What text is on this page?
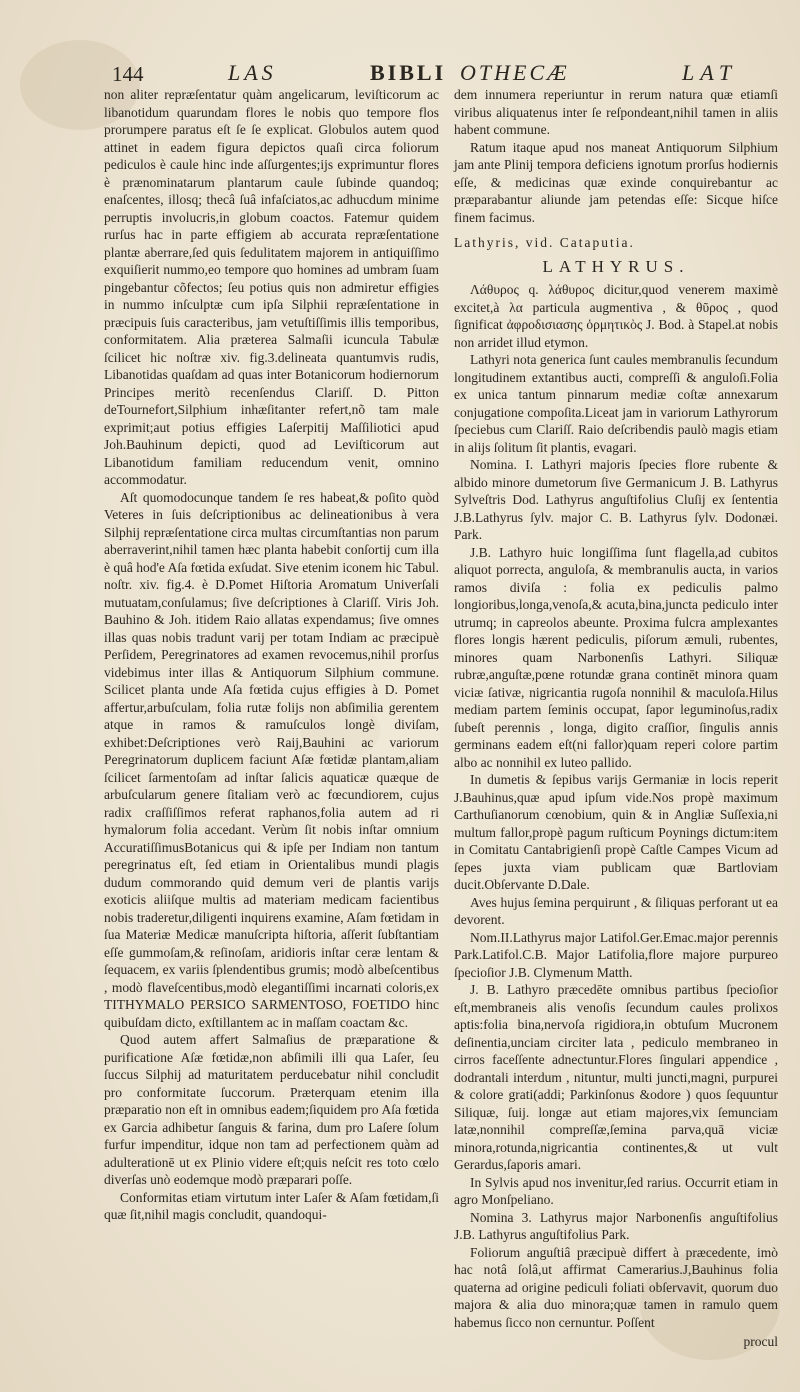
144	LAS	BIBLI OTHECÆ	LAT

non aliter repræſentatur quàm angelicarum, leviſticorum ac libanotidum quarundam flores le nobis quo tempore flos prorumpere paratus eſt ſe ſe explicat. Globulos autem quod attinet in eadem figura depictos quaſi circa foliorum pediculos è caule hinc inde aſſurgentes;ijs exprimuntur flores è prænominatarum plantarum caule ſubinde quandoq; enaſcentes, illosq; thecâ ſuâ infaſciatos,ac adhucdum minime perruptis involucris,in globum coactos. Fatemur quidem rurſus hac in parte effigiem ab accurata repræſentatione plantæ aberrare,ſed quis ſedulitatem majorem in antiquiſſimo exquiſierit nummo,eo tempore quo homines ad umbram ſuam pingebantur cõfectos; ſeu potius quis non admiretur effigies in nummo inſculptæ cum ipſa Silphii repræſentatione in præcipuis ſuis caracteribus, jam vetuſtiſſimis illis temporibus, conformitatem. Alia præterea Salmaſii icuncula Tabulæ ſcilicet hic noſtræ xiv. fig.3.delineata quantumvis rudis, Libanotidas quaſdam ad quas inter Botanicorum hodiernorum Principes meritò recenſendus Clariſſ. D. Pitton deTournefort,Silphium inhæſitanter refert,nõ tam male exprimit;aut potius effigies Laſerpitij Maſſiliotici apud Joh.Bauhinum depicti, quod ad Leviſticorum aut Libanotidum familiam reducendum venit, omnino accommodatur.

Aſt quomodocunque tandem ſe res habeat,& poſito quòd Veteres in ſuis deſcriptionibus ac delineationibus à vera Silphij repræſentatione circa multas circumſtantias non parum aberraverint,nihil tamen hæc planta habebit conſortij cum illa è quâ hod'e Aſa fœtida exſudat. Sive etenim iconem hic Tabul. noſtr. xiv. fig.4. è D.Pomet Hiſtoria Aromatum Univerſali mutuatam,conſulamus; ſive deſcriptiones à Clariſſ. Viris Joh. Bauhino & Joh. itidem Raio allatas expendamus; ſive omnes illas quas nobis tradunt varij per totam Indiam ac præcipuè Perſidem, Peregrinatores ad examen revocemus,nihil prorſus videbimus inter illas & Antiquorum Silphium commune. Scilicet planta unde Aſa fœtida cujus effigies à D. Pomet affertur,arbuſculam, folia rutæ folijs non abſimilia gerentem atque in ramos & ramuſculos longè diviſam, exhibet:Deſcriptiones verò Raij,Bauhini ac variorum Peregrinatorum duplicem faciunt Aſæ fœtidæ plantam,aliam ſcilicet ſarmentoſam ad inſtar ſalicis aquaticæ quæque de arbuſcularum genere ſitaliam verò ac fœcundiorem, cujus radix craſſiſſimos referat raphanos,folia autem ad ri hymalorum folia accedant. Verùm ſit nobis inſtar omnium AccuratiſſimusBotanicus qui & ipſe per Indiam non tantum peregrinatus eſt, ſed etiam in Orientalibus mundi plagis dudum commorando quid demum veri de plantis varijs exoticis aliiſque multis ad materiam medicam facientibus nobis traderetur,diligenti inquirens examine, Aſam fœtidam in ſua Materiæ Medicæ manuſcripta hiſtoria, aſſerit ſubſtantiam eſſe gummoſam,& reſinoſam, aridioris inſtar ceræ lentam & ſequacem, ex variis ſplendentibus grumis; modò albeſcentibus , modò flaveſcentibus,modò elegantiſſimi incarnati coloris,ex TITHYMALO PERSICO SARMENTOSO, FOETIDO hinc quibuſdam dicto, exſtillantem ac in maſſam coactam &c.

Quod autem affert Salmaſius de præparatione & purificatione Aſæ fœtidæ,non abſimili illi qua Laſer, ſeu ſuccus Silphij ad maturitatem perducebatur nihil concludit pro conformitate ſuccorum. Præterquam etenim illa præparatio non eſt in omnibus eadem;ſiquidem pro Aſa fœtida ex Garcia adhibetur ſanguis & farina, dum pro Laſere ſolum furfur impenditur, idque non tam ad perfectionem quàm ad adulterationē ut ex Plinio videre eſt;quis neſcit res toto cœlo diverſas unò eodemque modò præparari poſſe.

Conformitas etiam virtutum inter Laſer & Aſam fœtidam,ſi quæ ſit,nihil magis concludit, quandoqui-

dem innumera reperiuntur in rerum natura quæ etiamſi viribus aliquatenus inter ſe reſpondeant,nihil tamen in aliis habent commune.

Ratum itaque apud nos maneat Antiquorum Silphium jam ante Plinij tempora deficiens ignotum prorſus hodiernis eſſe, & medicinas quæ exinde conquirebantur ac præparabantur aliunde jam petendas eſſe: Sicque hiſce finem facimus.

Lathyris, vid. Cataputia.

LATHYRUS.

Λάθυρος q. λάθυρος dicitur,quod venerem maximè excitet,à λα particula augmentiva , & θῦρος , quod ſignificat ἀφροδισιασης ὁρμητικὸς J. Bod. à Stapel.at nobis non arridet illud etymon.

Lathyri nota generica ſunt caules membranulis ſecundum longitudinem extantibus aucti, compreſſi & anguloſi.Folia ex unica tantum pinnarum mediæ coſtæ annexarum conjugatione compoſita.Liceat jam in variorum Lathyrorum ſpeciebus cum Clariſſ. Raio deſcribendis paulò magis etiam in alijs ſolitum ſit plantis, evagari.

Nomina. I. Lathyri majoris ſpecies flore rubente & albido minore dumetorum ſive Germanicum J. B. Lathyrus Sylveſtris Dod. Lathyrus anguſtifolius Cluſij ex ſententia J.B.Lathyrus ſylv. major C. B. Lathyrus ſylv. Dodonæi. Park.

J.B. Lathyro huic longiſſima ſunt flagella,ad cubitos aliquot porrecta, anguloſa, & membranulis aucta, in varios ramos diviſa : folia ex pediculis palmo longioribus,longa,venoſa,& acuta,bina,juncta pediculo inter utrumq; in capreolos abeunte. Proxima fulcra amplexantes flores longis hærent pediculis, piſorum æmuli, rubentes, minores quam Narbonenſis Lathyri. Siliquæ rubræ,anguſtæ,pœne rotundæ grana continēt minora quam viciæ ſativæ, nigricantia rugoſa nonnihil & maculoſa.Hilus mediam partem ſeminis occupat, ſapor leguminoſus,radix ſubeſt perennis , longa, digito craſſior, ſingulis annis germinans eadem eſt(ni fallor)quam reperi colore partim albo ac nonnihil ex luteo pallido.

In dumetis & ſepibus varijs Germaniæ in locis reperit J.Bauhinus,quæ apud ipſum vide.Nos propè maximum Carthuſianorum cœnobium, quin & in Angliæ Suſſexia,ni multum fallor,propè pagum ruſticum Poynings dictum:item in Comitatu Cantabrigienſi propè Caſtle Campes Vicum ad ſepes juxta viam publicam quæ Bartloviam ducit.Obſervante D.Dale.

Aves hujus ſemina perquirunt , & ſiliquas perforant ut ea devorent.

Nom.II.Lathyrus major Latifol.Ger.Emac.major perennis Park.Latifol.C.B. Major Latifolia,flore majore purpureo ſpecioſior J.B. Clymenum Matth.

J. B. Lathyro præcedēte omnibus partibus ſpecioſior eſt,membraneis alis venoſis ſecundum caules prolixos aptis:folia bina,nervoſa rigidiora,in obtuſum Mucronem deſinentia,unciam circiter lata , pediculo membraneo in cirros faceſſente adnectuntur.Flores ſingulari appendice , dodrantali interdum , nituntur, multi juncti,magni, purpurei & colore grati(addi; Parkinſonus &odore ) quos ſequuntur Siliquæ, ſuij. longæ aut etiam majores,vix ſemunciam latæ,nonnihil compreſſæ,ſemina parva,quā viciæ minora,rotunda,nigricantia continentes,& ut vult Gerardus,ſaporis amari.

In Sylvis apud nos invenitur,ſed rarius. Occurrit etiam in agro Monſpeliano.

Nomina 3. Lathyrus major Narbonenſis anguſtifolius J.B. Lathyrus anguſtifolius Park.

Foliorum anguſtiâ præcipuè differt à præcedente, imò hac notâ ſolâ,ut affirmat Camerarius.J,Bauhinus folia quaterna ad origine pediculi foliati obſervavit, quorum duo majora & alia duo minora;quæ tamen in ramulo quem habemus ſicco non cernuntur. Poſſent

procul
